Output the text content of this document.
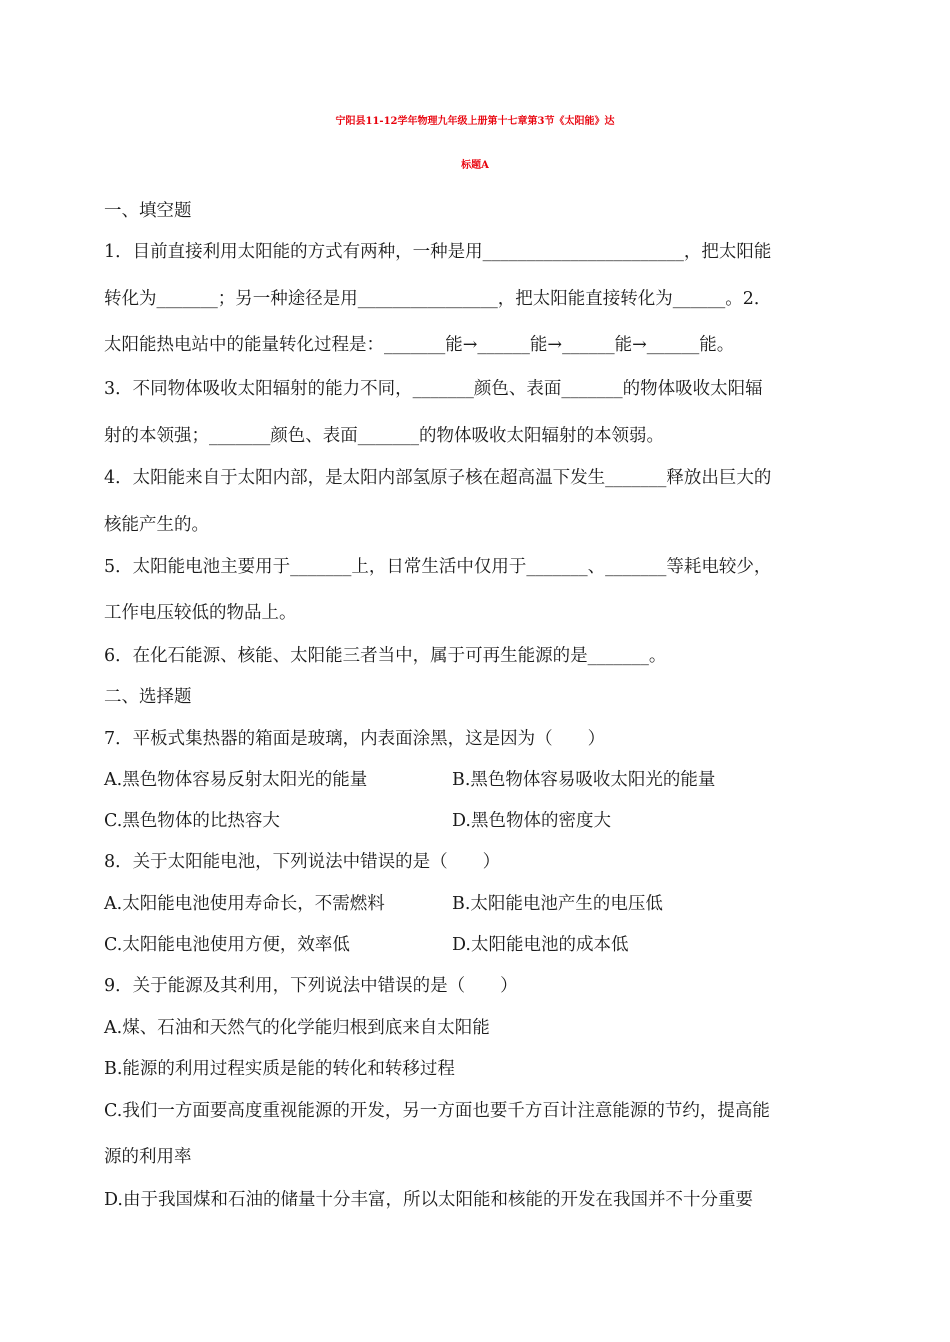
宁阳县11-12学年物理九年级上册第十七章第3节《太阳能》达
标题A
一、填空题
1．目前直接利用太阳能的方式有两种，一种是用_______________________，把太阳能
转化为_______；另一种途径是用________________，把太阳能直接转化为______。2．
太阳能热电站中的能量转化过程是：_______能→______能→______能→______能。
3．不同物体吸收太阳辐射的能力不同，_______颜色、表面_______的物体吸收太阳辐
射的本领强；_______颜色、表面_______的物体吸收太阳辐射的本领弱。
4．太阳能来自于太阳内部，是太阳内部氢原子核在超高温下发生_______释放出巨大的
核能产生的。
5．太阳能电池主要用于_______上，日常生活中仅用于_______、_______等耗电较少，
工作电压较低的物品上。
6．在化石能源、核能、太阳能三者当中，属于可再生能源的是_______。
二、选择题
7．平板式集热器的箱面是玻璃，内表面涂黑，这是因为（　　）
A.黑色物体容易反射太阳光的能量	B.黑色物体容易吸收太阳光的能量
C.黑色物体的比热容大	D.黑色物体的密度大
8．关于太阳能电池，下列说法中错误的是（　　）
A.太阳能电池使用寿命长，不需燃料	B.太阳能电池产生的电压低
C.太阳能电池使用方便，效率低	D.太阳能电池的成本低
9．关于能源及其利用，下列说法中错误的是（　　）
A.煤、石油和天然气的化学能归根到底来自太阳能
B.能源的利用过程实质是能的转化和转移过程
C.我们一方面要高度重视能源的开发，另一方面也要千方百计注意能源的节约，提高能
源的利用率
D.由于我国煤和石油的储量十分丰富，所以太阳能和核能的开发在我国并不十分重要
